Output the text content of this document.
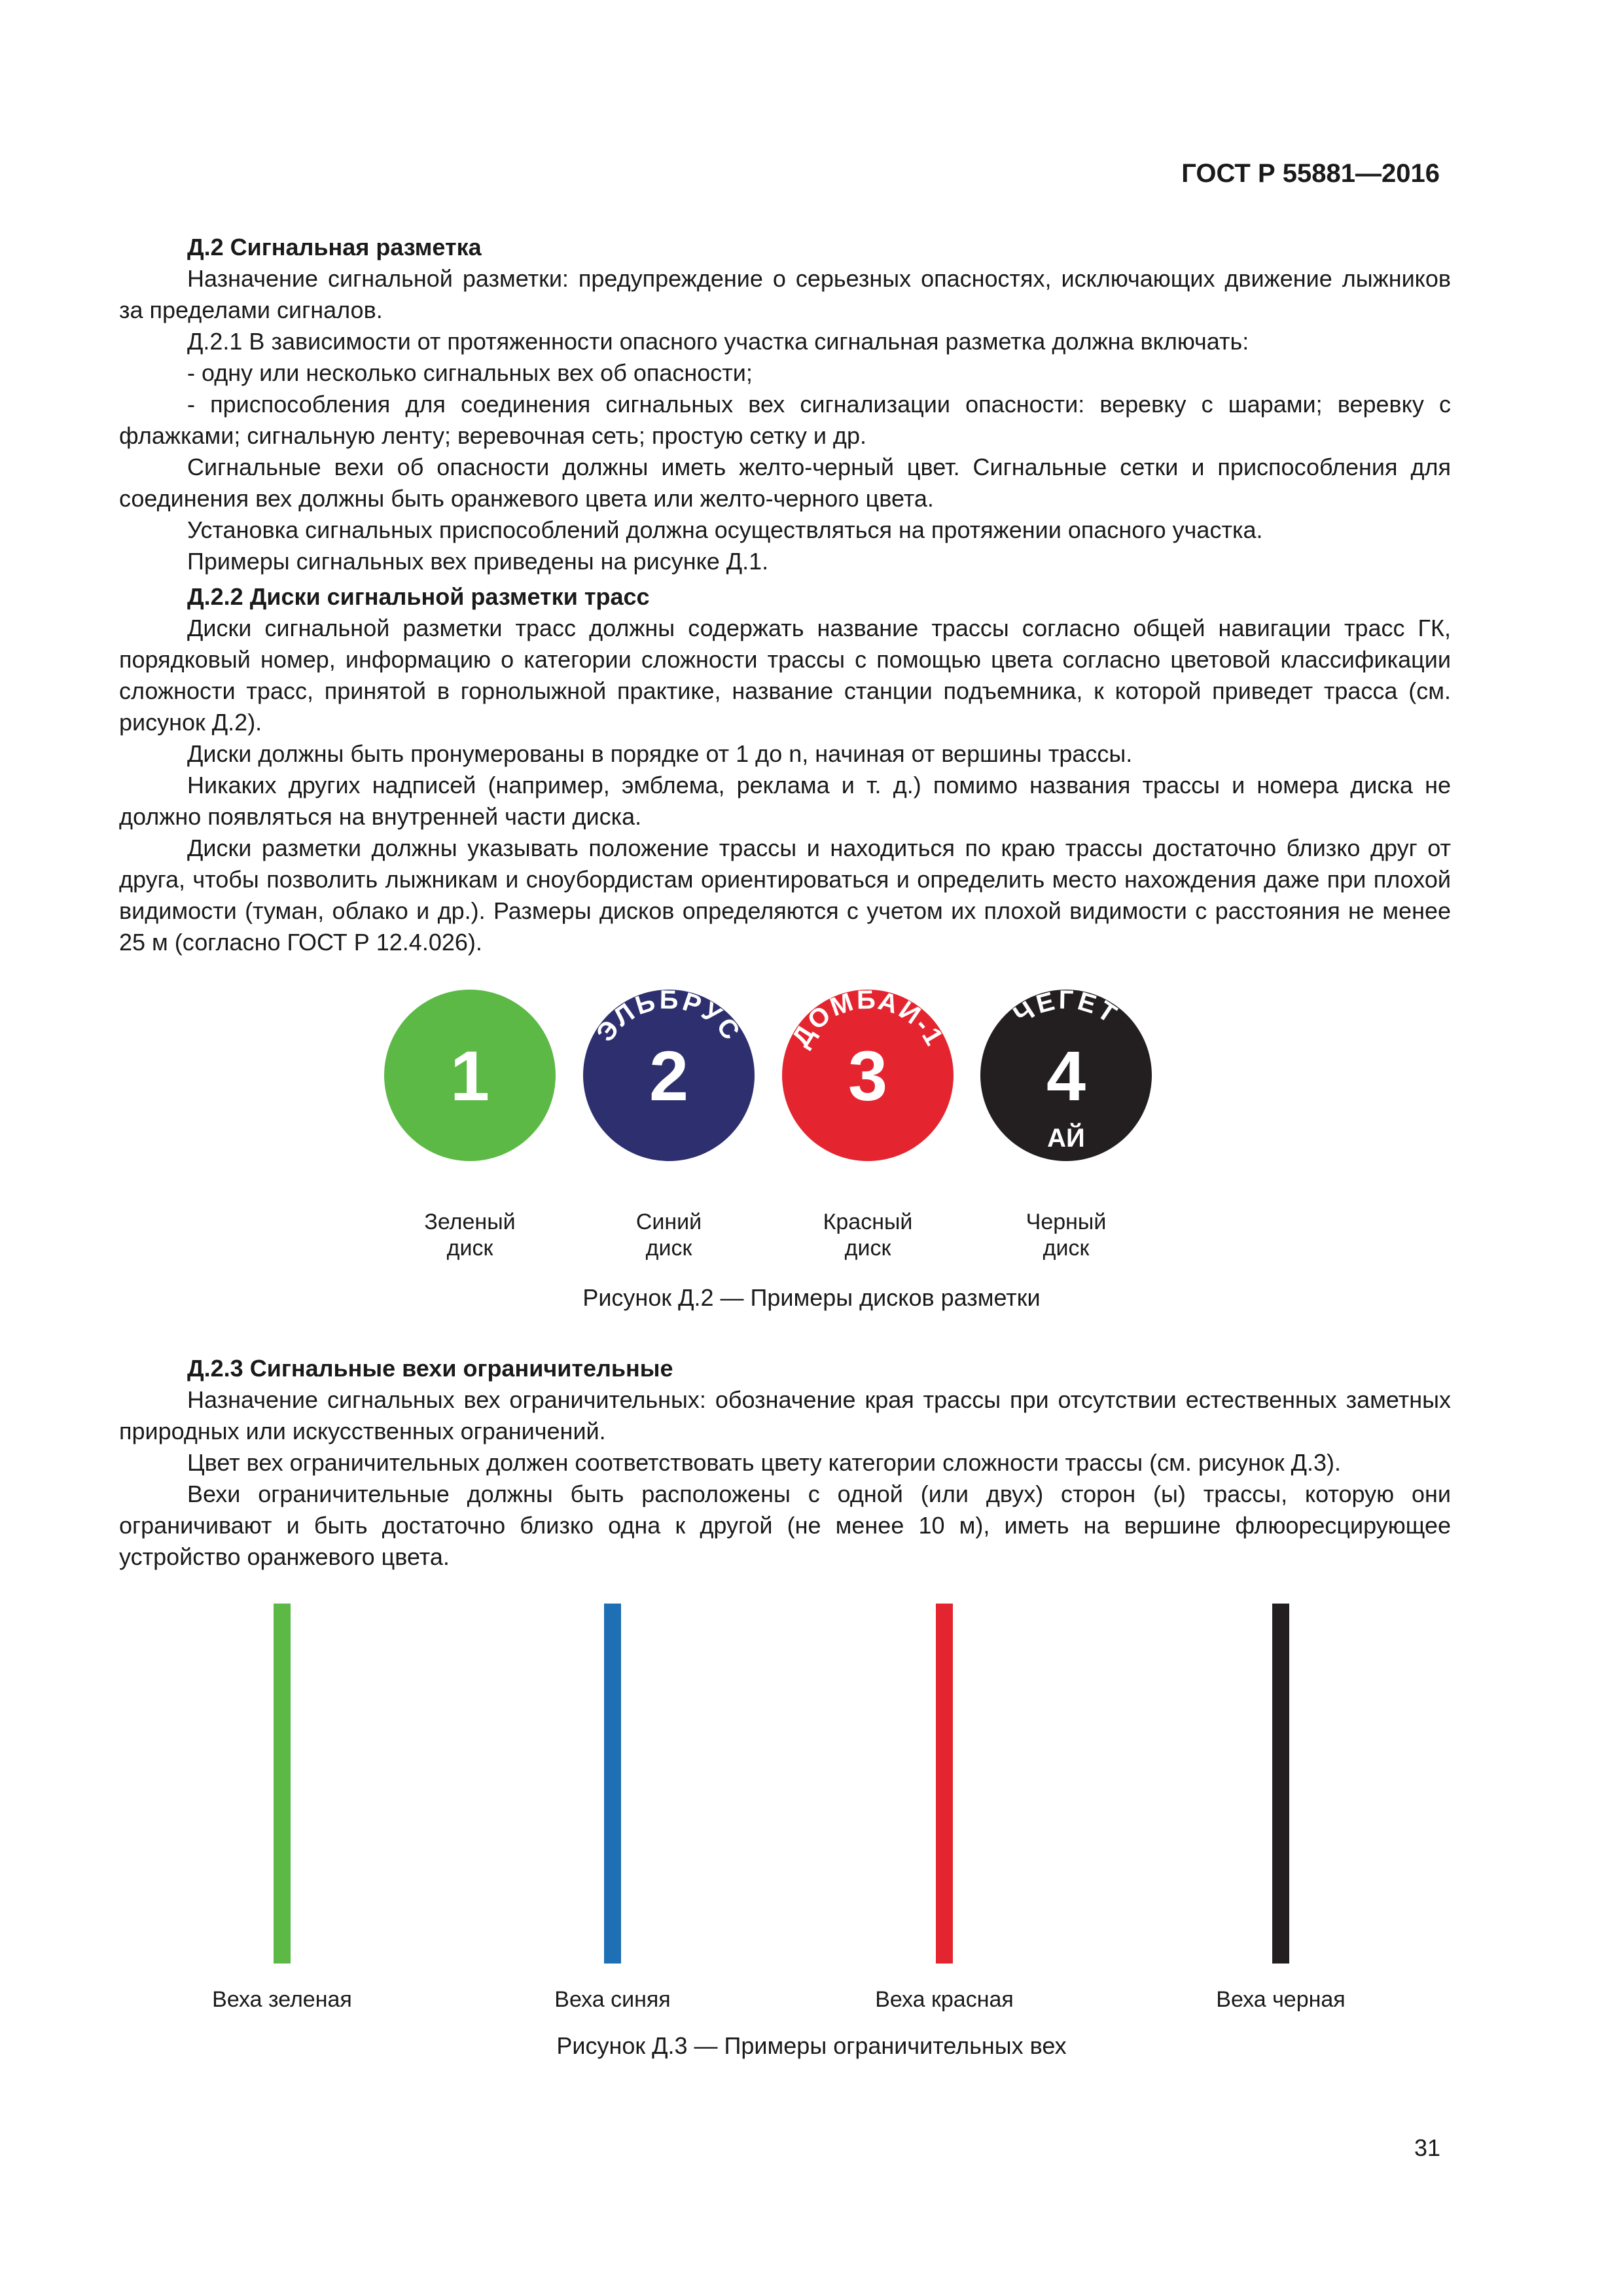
ГОСТ Р 55881—2016

Д.2 Сигнальная разметка

Назначение сигнальной разметки: предупреждение о серьезных опасностях, исключающих движение лыжников за пределами сигналов.

Д.2.1 В зависимости от протяженности опасного участка сигнальная разметка должна включать:

- одну или несколько сигнальных вех об опасности;

- приспособления для соединения сигнальных вех сигнализации опасности: веревку с шарами; веревку с флажками; сигнальную ленту; веревочная сеть; простую сетку и др.

Сигнальные вехи об опасности должны иметь желто-черный цвет. Сигнальные сетки и приспособления для соединения вех должны быть оранжевого цвета или желто-черного цвета.

Установка сигнальных приспособлений должна осуществляться на протяжении опасного участка.

Примеры сигнальных вех приведены на рисунке Д.1.

Д.2.2 Диски сигнальной разметки трасс

Диски сигнальной разметки трасс должны содержать название трассы согласно общей навигации трасс ГК, порядковый номер, информацию о категории сложности трассы с помощью цвета согласно цветовой классификации сложности трасс, принятой в горнолыжной практике, название станции подъемника, к которой приведет трасса (см. рисунок Д.2).

Диски должны быть пронумерованы в порядке от 1 до n, начиная от вершины трассы.

Никаких других надписей (например, эмблема, реклама и т. д.) помимо названия трассы и номера диска не должно появляться на внутренней части диска.

Диски разметки должны указывать положение трассы и находиться по краю трассы достаточно близко друг от друга, чтобы позволить лыжникам и сноубордистам ориентироваться и определить место нахождения даже при плохой видимости (туман, облако и др.). Размеры дисков определяются с учетом их плохой видимости с расстояния не менее 25 м (согласно ГОСТ Р 12.4.026).

1 2 3 4
ЭЛЬБРУС ДОМБАЙ-1
ЧЕГЕТ
АЙ
Зеленый
диск
Синий
диск
Красный
диск
Черный
диск
Рисунок Д.2 — Примеры дисков разметки

Д.2.3 Сигнальные вехи ограничительные

Назначение сигнальных вех ограничительных: обозначение края трассы при отсутствии естественных заметных природных или искусственных ограничений.

Цвет вех ограничительных должен соответствовать цвету категории сложности трассы (см. рисунок Д.3).

Вехи ограничительные должны быть расположены с одной (или двух) сторон (ы) трассы, которую они ограничивают и быть достаточно близко одна к другой (не менее 10 м), иметь на вершине флюоресцирующее устройство оранжевого цвета.

Веха зеленая	Веха синяя	Веха красная	Веха черная
Рисунок Д.3 — Примеры ограничительных вех
31
